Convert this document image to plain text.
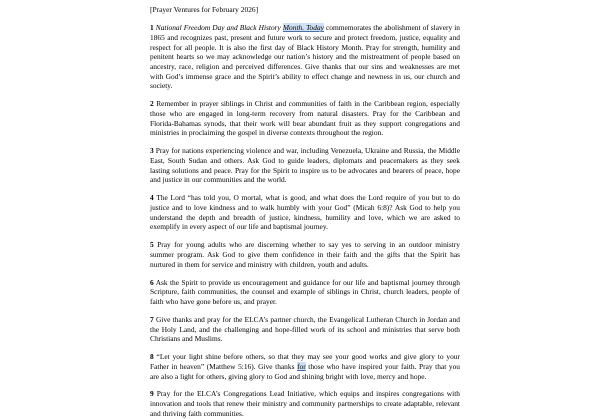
[Prayer Ventures for February 2026]

1 National Freedom Day and Black History Month. Today commemorates the abolishment of slavery in 1865 and recognizes past, present and future work to secure and protect freedom, justice, equality and respect for all people. It is also the first day of Black History Month. Pray for strength, humility and penitent hearts so we may acknowledge our nation’s history and the mistreatment of people based on ancestry, race, religion and perceived differences. Give thanks that our sins and weaknesses are met with God’s immense grace and the Spirit’s ability to effect change and newness in us, our church and society.

2 Remember in prayer siblings in Christ and communities of faith in the Caribbean region, especially those who are engaged in long-term recovery from natural disasters. Pray for the Caribbean and Florida-Bahamas synods, that their work will bear abundant fruit as they support congregations and ministries in proclaiming the gospel in diverse contexts throughout the region.

3 Pray for nations experiencing violence and war, including Venezuela, Ukraine and Russia, the Middle East, South Sudan and others. Ask God to guide leaders, diplomats and peacemakers as they seek lasting solutions and peace. Pray for the Spirit to inspire us to be advocates and bearers of peace, hope and justice in our communities and the world.

4 The Lord “has told you, O mortal, what is good, and what does the Lord require of you but to do justice and to love kindness and to walk humbly with your God” (Micah 6:8)? Ask God to help you understand the depth and breadth of justice, kindness, humility and love, which we are asked to exemplify in every aspect of our life and baptismal journey.

5 Pray for young adults who are discerning whether to say yes to serving in an outdoor ministry summer program. Ask God to give them confidence in their faith and the gifts that the Spirit has nurtured in them for service and ministry with children, youth and adults.

6 Ask the Spirit to provide us encouragement and guidance for our life and baptismal journey through Scripture, faith communities, the counsel and example of siblings in Christ, church leaders, people of faith who have gone before us, and prayer.

7 Give thanks and pray for the ELCA’s partner church, the Evangelical Lutheran Church in Jordan and the Holy Land, and the challenging and hope-filled work of its school and ministries that serve both Christians and Muslims.

8 “Let your light shine before others, so that they may see your good works and give glory to your Father in heaven” (Matthew 5:16). Give thanks for those who have inspired your faith. Pray that you are also a light for others, giving glory to God and shining bright with love, mercy and hope.

9 Pray for the ELCA’s Congregations Lead Initiative, which equips and inspires congregations with innovation and tools that renew their ministry and community partnerships to create adaptable, relevant and thriving faith communities.
